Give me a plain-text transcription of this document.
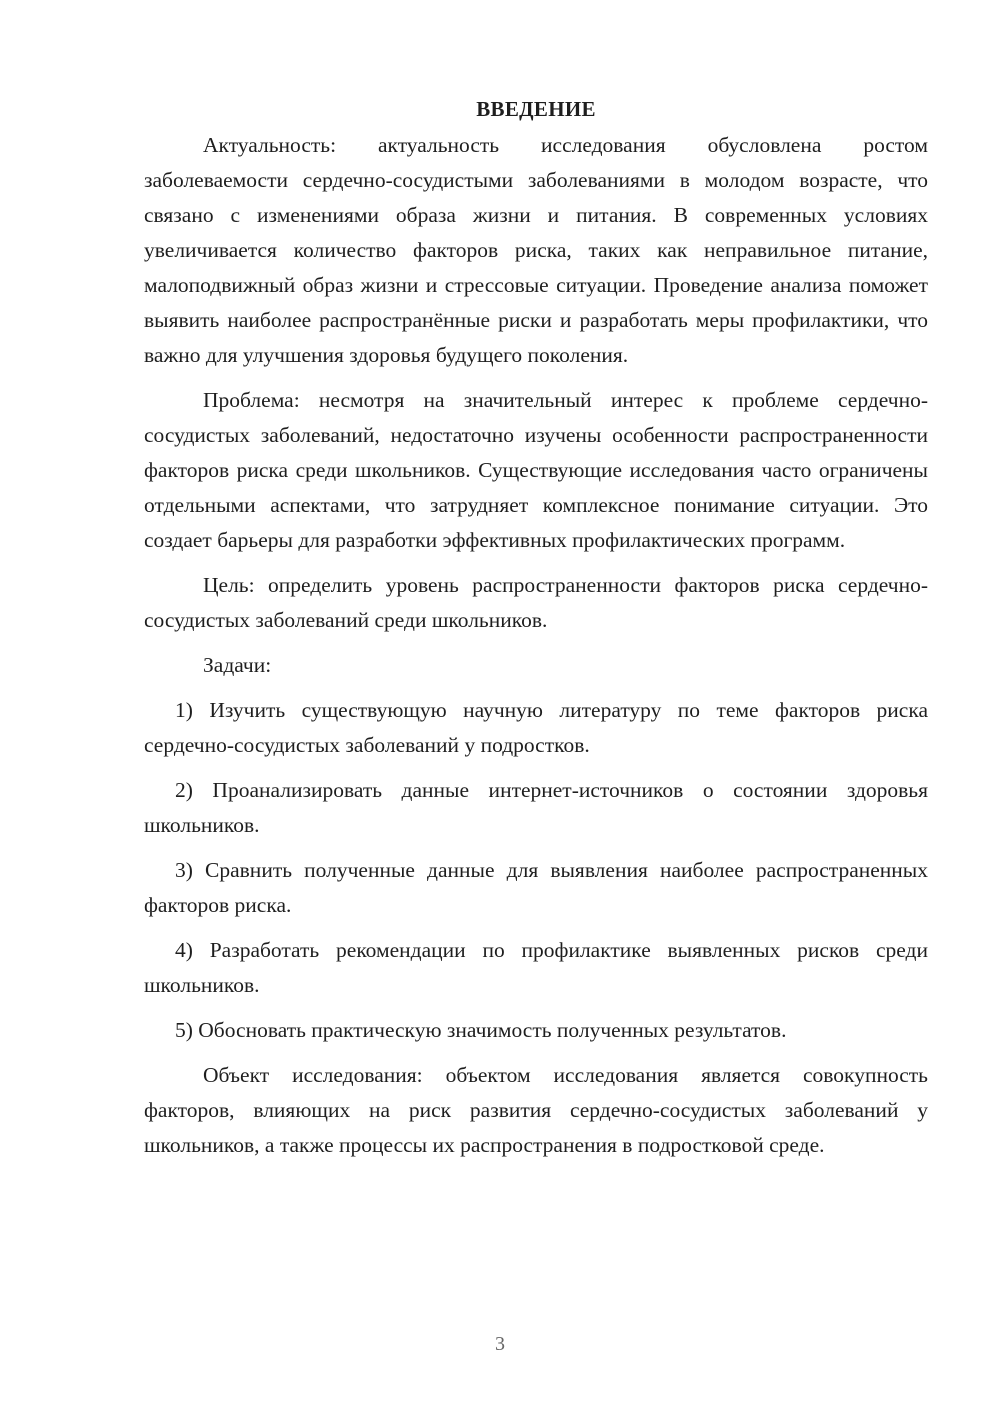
ВВЕДЕНИЕ

Актуальность: актуальность исследования обусловлена ростом заболеваемости сердечно-сосудистыми заболеваниями в молодом возрасте, что связано с изменениями образа жизни и питания. В современных условиях увеличивается количество факторов риска, таких как неправильное питание, малоподвижный образ жизни и стрессовые ситуации. Проведение анализа поможет выявить наиболее распространённые риски и разработать меры профилактики, что важно для улучшения здоровья будущего поколения.

Проблема: несмотря на значительный интерес к проблеме сердечно-сосудистых заболеваний, недостаточно изучены особенности распространенности факторов риска среди школьников. Существующие исследования часто ограничены отдельными аспектами, что затрудняет комплексное понимание ситуации. Это создает барьеры для разработки эффективных профилактических программ.

Цель: определить уровень распространенности факторов риска сердечно-сосудистых заболеваний среди школьников.

Задачи:

1) Изучить существующую научную литературу по теме факторов риска сердечно-сосудистых заболеваний у подростков.

2) Проанализировать данные интернет-источников о состоянии здоровья школьников.

3) Сравнить полученные данные для выявления наиболее распространенных факторов риска.

4) Разработать рекомендации по профилактике выявленных рисков среди школьников.

5) Обосновать практическую значимость полученных результатов.

Объект исследования: объектом исследования является совокупность факторов, влияющих на риск развития сердечно-сосудистых заболеваний у школьников, а также процессы их распространения в подростковой среде.

3
